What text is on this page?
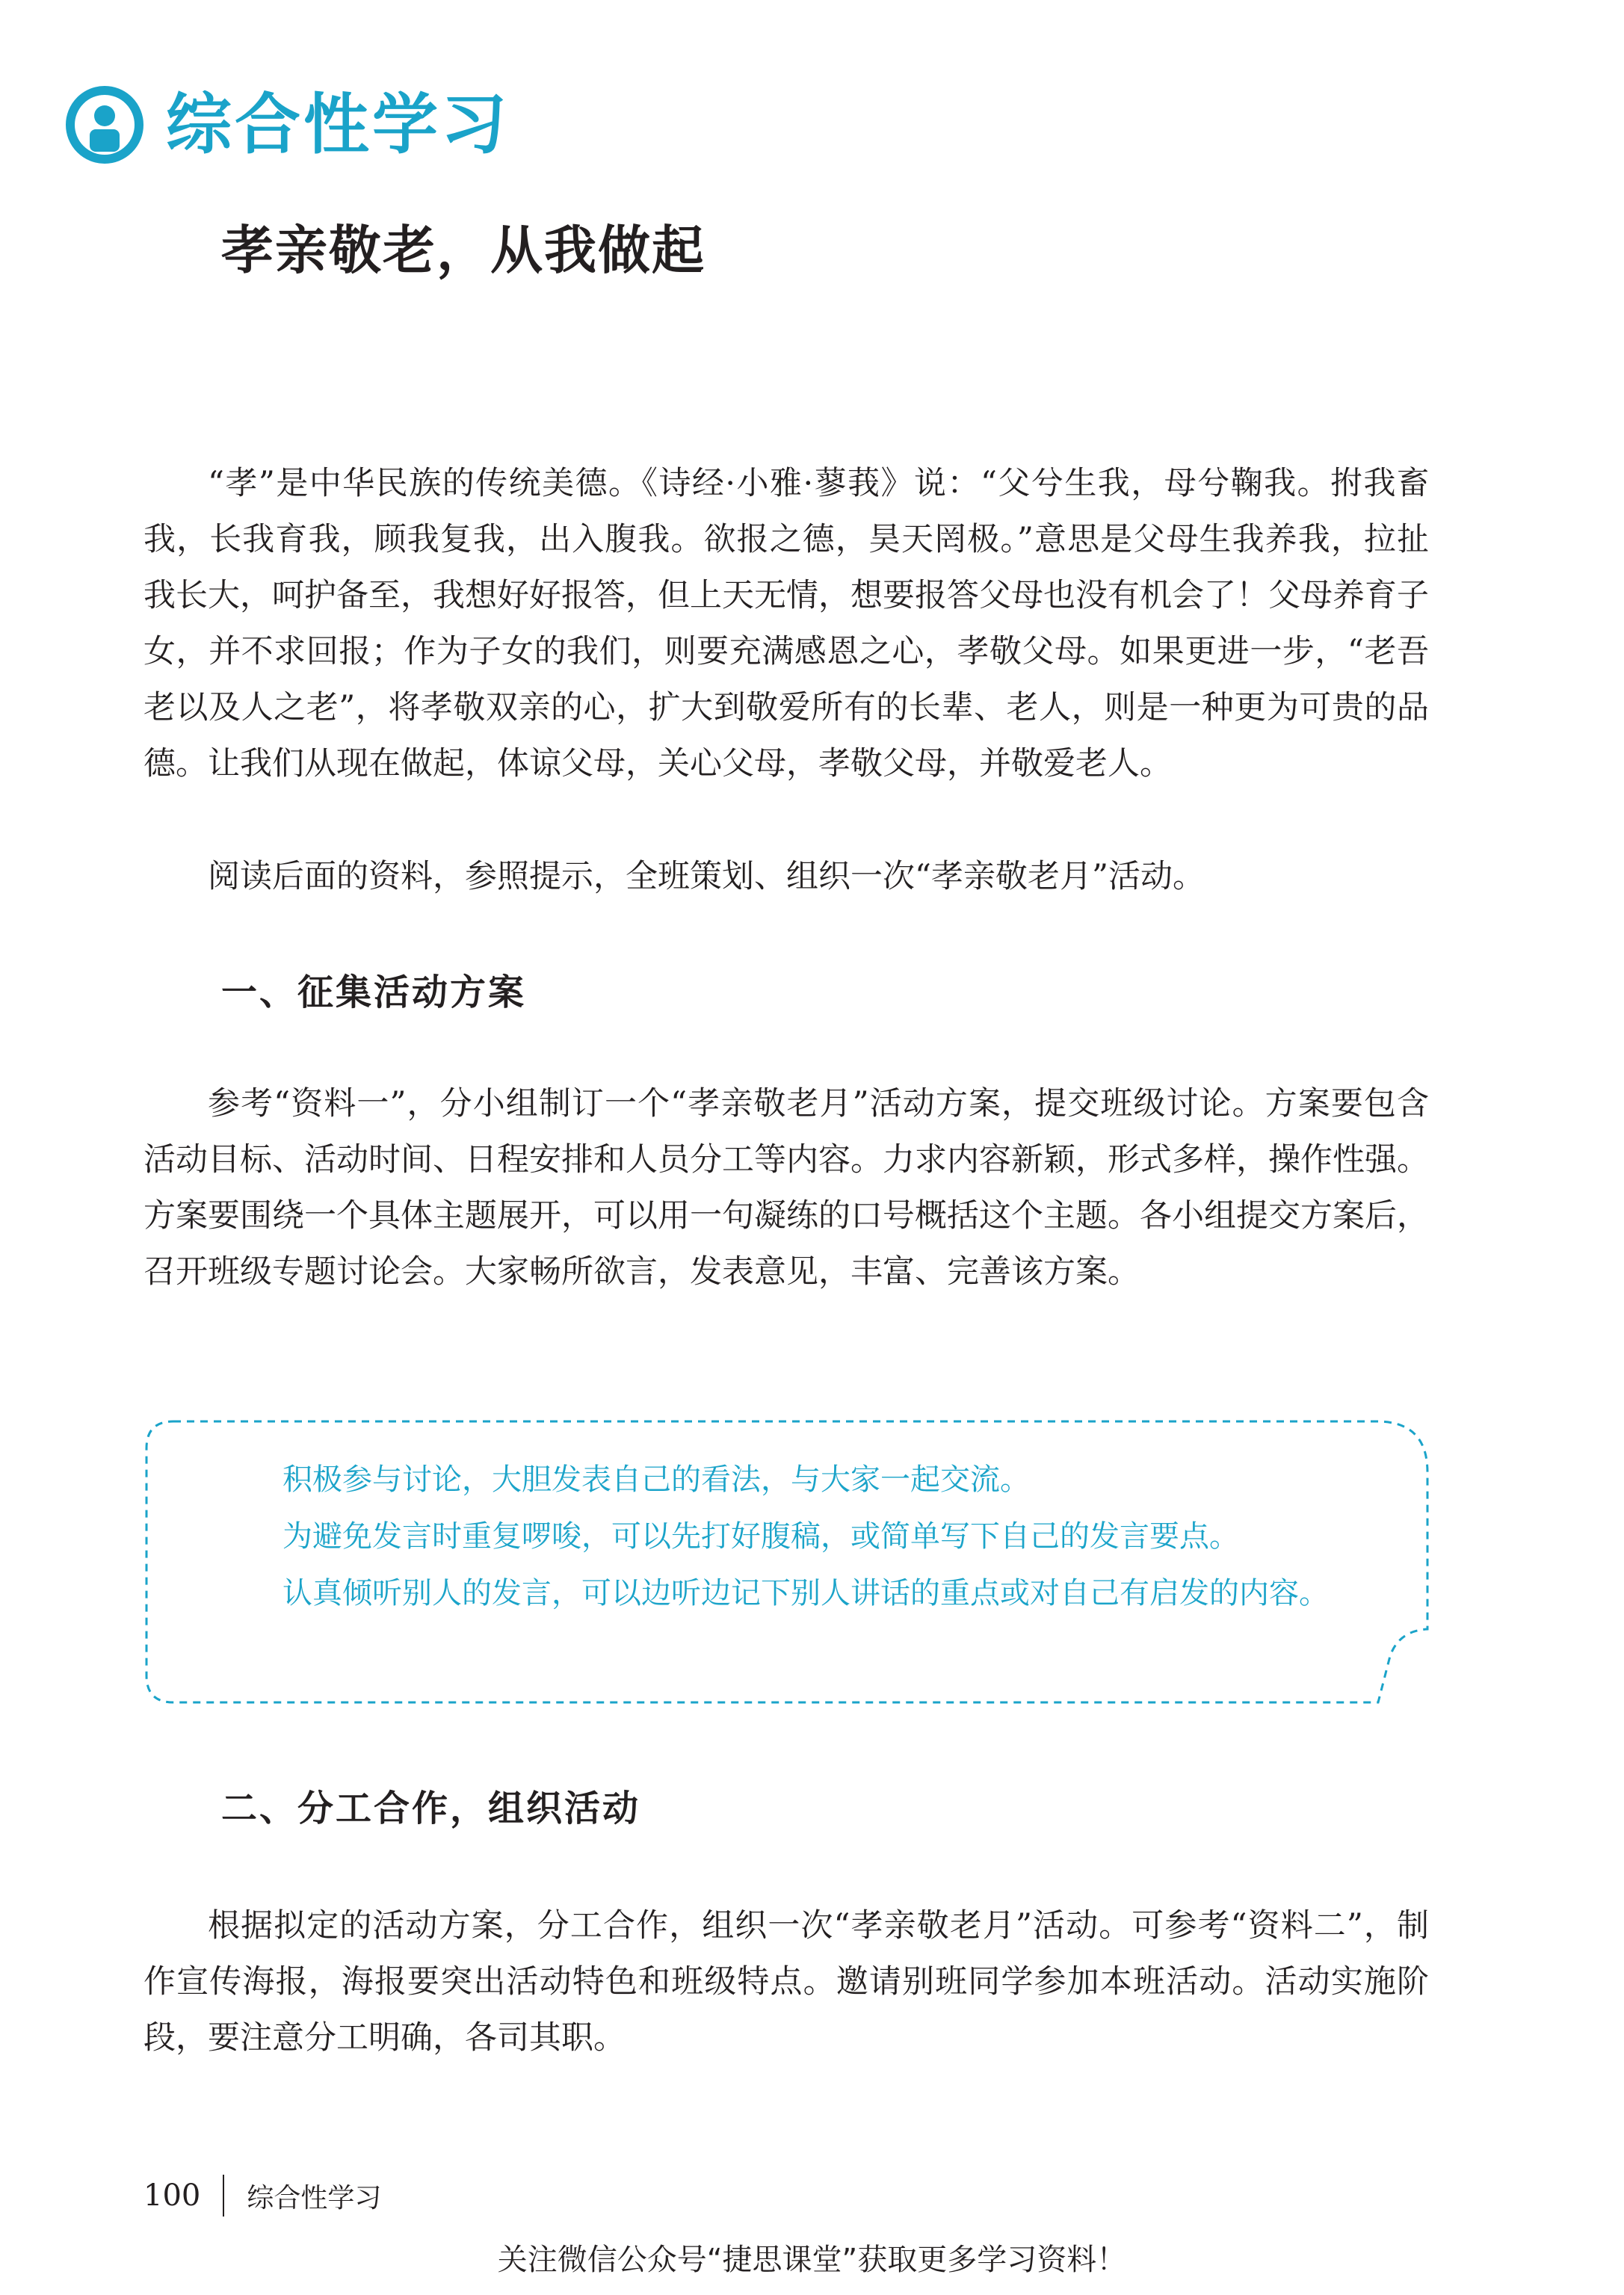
综合性学习
孝亲敬老，从我做起

“孝”是中华民族的传统美德。《诗经·小雅·蓼莪》说：“父兮生我，母兮鞠我。拊我畜我，长我育我，顾我复我，出入腹我。欲报之德，昊天罔极。”意思是父母生我养我，拉扯我长大，呵护备至，我想好好报答，但上天无情，想要报答父母也没有机会了！父母养育子女，并不求回报；作为子女的我们，则要充满感恩之心，孝敬父母。如果更进一步，“老吾老以及人之老”，将孝敬双亲的心，扩大到敬爱所有的长辈、老人，则是一种更为可贵的品德。让我们从现在做起，体谅父母，关心父母，孝敬父母，并敬爱老人。

阅读后面的资料，参照提示，全班策划、组织一次“孝亲敬老月”活动。

一、征集活动方案

参考“资料一”，分小组制订一个“孝亲敬老月”活动方案，提交班级讨论。方案要包含活动目标、活动时间、日程安排和人员分工等内容。力求内容新颖，形式多样，操作性强。方案要围绕一个具体主题展开，可以用一句凝练的口号概括这个主题。各小组提交方案后，召开班级专题讨论会。大家畅所欲言，发表意见，丰富、完善该方案。

积极参与讨论，大胆发表自己的看法，与大家一起交流。

为避免发言时重复啰唆，可以先打好腹稿，或简单写下自己的发言要点。

认真倾听别人的发言，可以边听边记下别人讲话的重点或对自己有启发的内容。

二、分工合作，组织活动

根据拟定的活动方案，分工合作，组织一次“孝亲敬老月”活动。可参考“资料二”，制作宣传海报，海报要突出活动特色和班级特点。邀请别班同学参加本班活动。活动实施阶段，要注意分工明确，各司其职。

100 综合性学习

关注微信公众号“捷思课堂”获取更多学习资料！
